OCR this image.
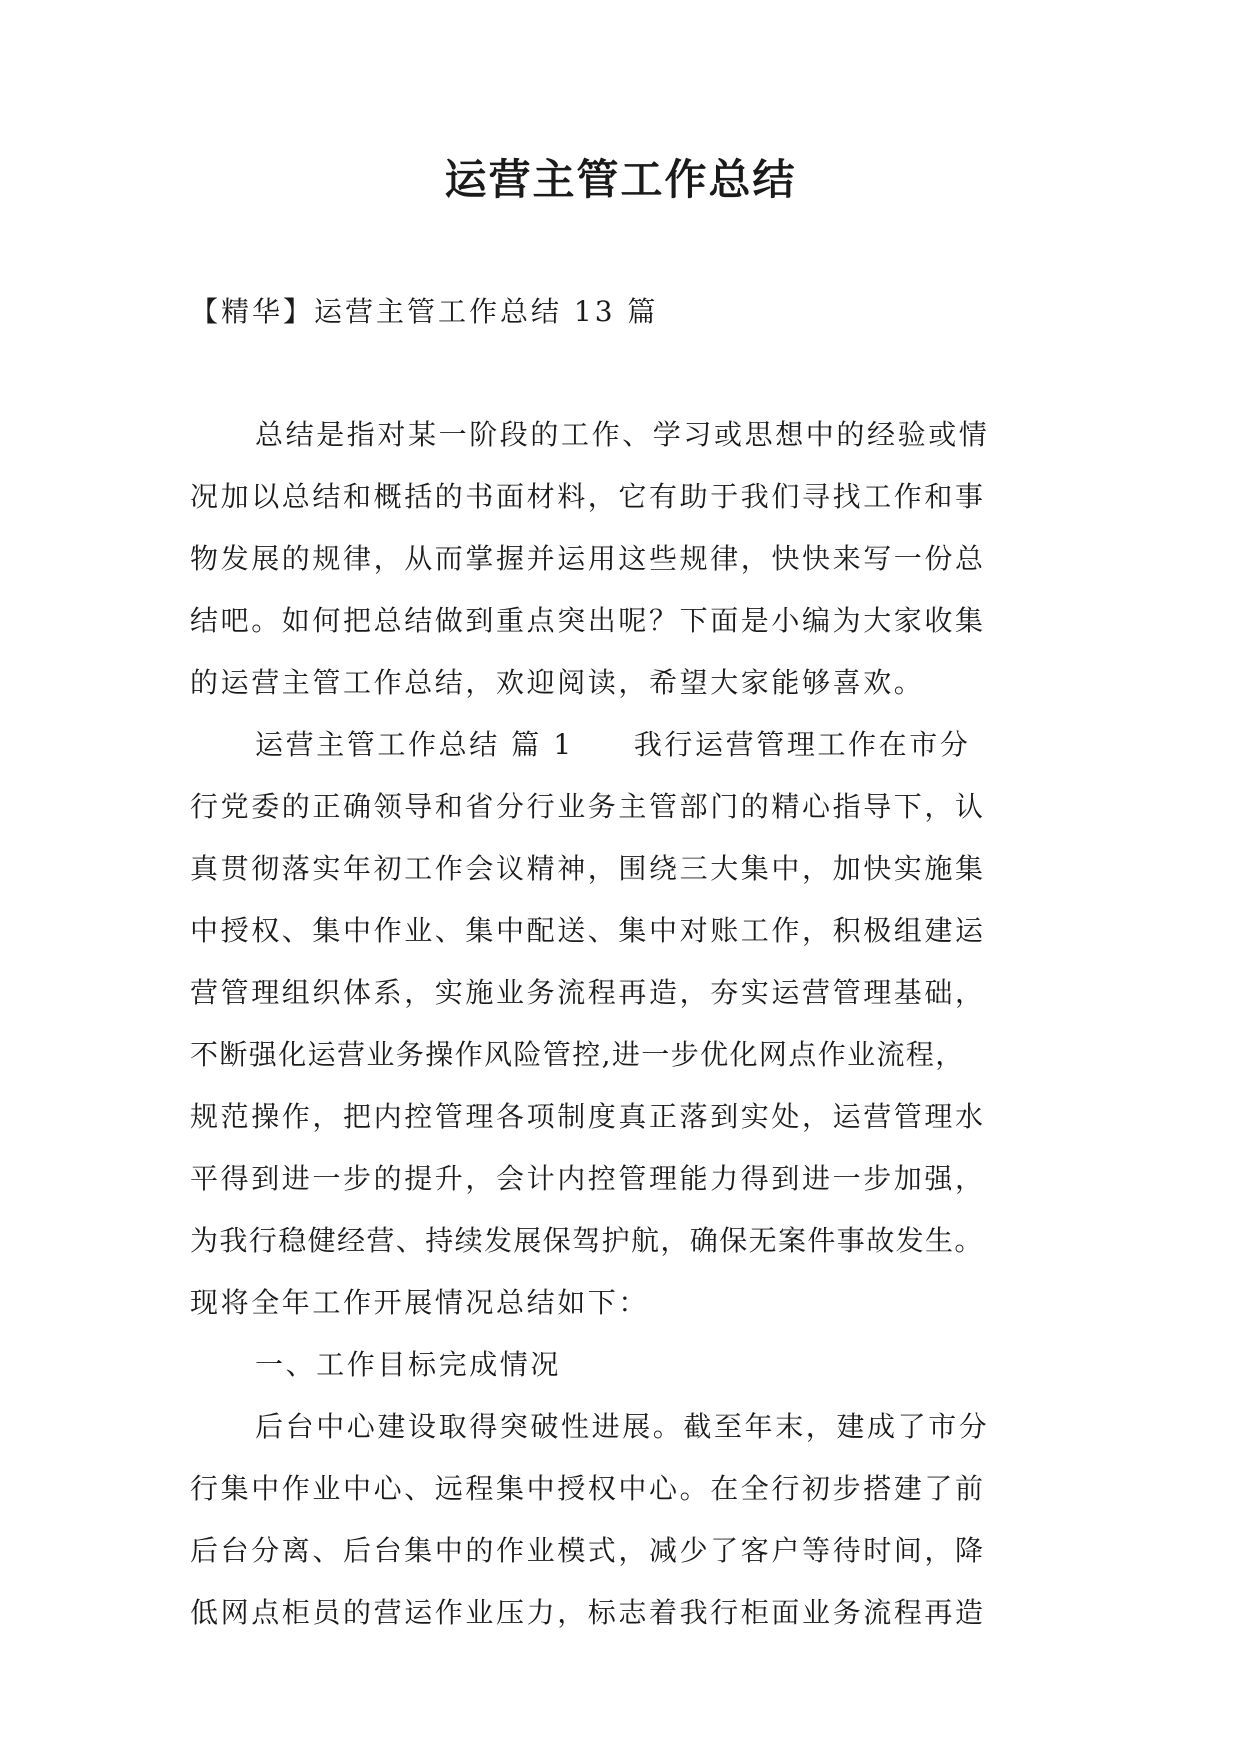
运营主管工作总结

【精华】运营主管工作总结 13 篇

总结是指对某一阶段的工作、学习或思想中的经验或情

况加以总结和概括的书面材料，它有助于我们寻找工作和事

物发展的规律，从而掌握并运用这些规律，快快来写一份总

结吧。如何把总结做到重点突出呢？下面是小编为大家收集

的运营主管工作总结，欢迎阅读，希望大家能够喜欢。

运营主管工作总结 篇 1 我行运营管理工作在市分

行党委的正确领导和省分行业务主管部门的精心指导下，认

真贯彻落实年初工作会议精神，围绕三大集中，加快实施集

中授权、集中作业、集中配送、集中对账工作，积极组建运

营管理组织体系，实施业务流程再造，夯实运营管理基础，

不断强化运营业务操作风险管控,进一步优化网点作业流程，

规范操作，把内控管理各项制度真正落到实处，运营管理水

平得到进一步的提升，会计内控管理能力得到进一步加强，

为我行稳健经营、持续发展保驾护航，确保无案件事故发生。

现将全年工作开展情况总结如下：

一、工作目标完成情况

后台中心建设取得突破性进展。截至年末，建成了市分

行集中作业中心、远程集中授权中心。在全行初步搭建了前

后台分离、后台集中的作业模式，减少了客户等待时间，降

低网点柜员的营运作业压力，标志着我行柜面业务流程再造
